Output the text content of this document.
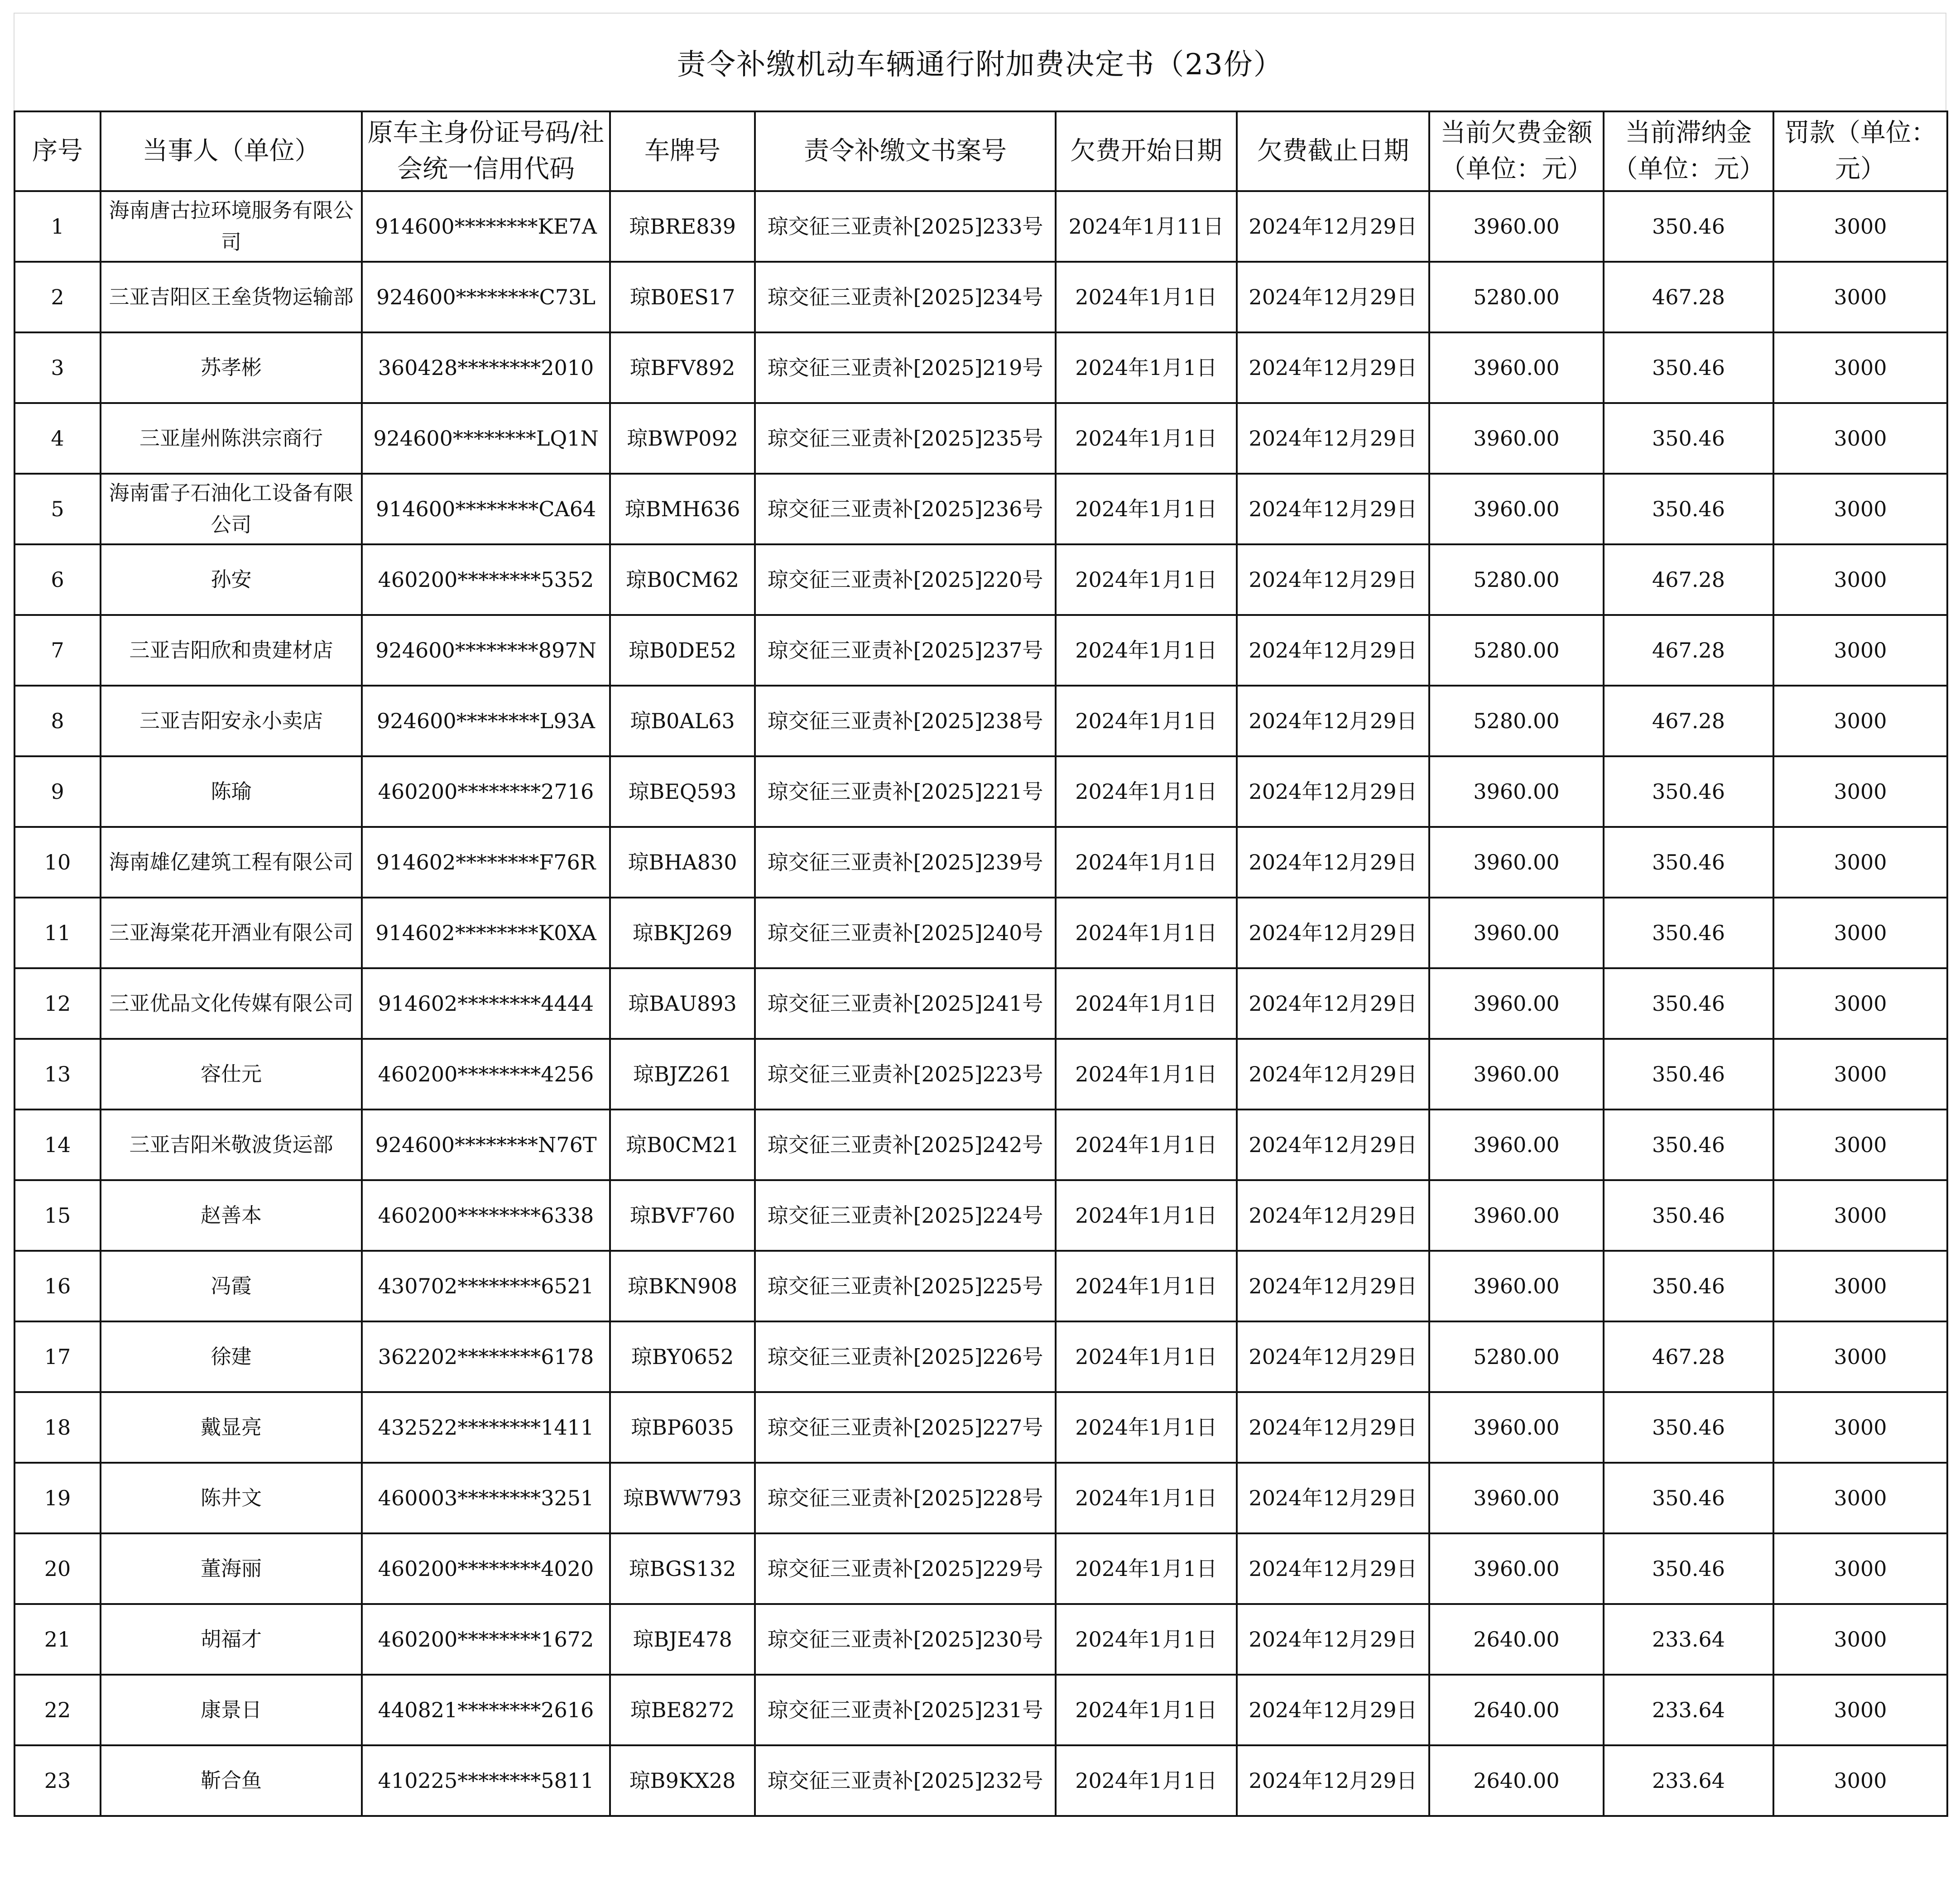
责令补缴机动车辆通行附加费决定书（23份）
序号	当事人（单位）	原车主身份证号码/社会统一信用代码	车牌号	责令补缴文书案号	欠费开始日期	欠费截止日期	当前欠费金额（单位：元）	当前滞纳金（单位：元）	罚款（单位：元）
1	海南唐古拉环境服务有限公司	914600********KE7A	琼BRE839	琼交征三亚责补[2025]233号	2024年1月11日	2024年12月29日	3960.00	350.46	3000
2	三亚吉阳区王垒货物运输部	924600********C73L	琼B0ES17	琼交征三亚责补[2025]234号	2024年1月1日	2024年12月29日	5280.00	467.28	3000
3	苏孝彬	360428********2010	琼BFV892	琼交征三亚责补[2025]219号	2024年1月1日	2024年12月29日	3960.00	350.46	3000
4	三亚崖州陈洪宗商行	924600********LQ1N	琼BWP092	琼交征三亚责补[2025]235号	2024年1月1日	2024年12月29日	3960.00	350.46	3000
5	海南雷子石油化工设备有限公司	914600********CA64	琼BMH636	琼交征三亚责补[2025]236号	2024年1月1日	2024年12月29日	3960.00	350.46	3000
6	孙安	460200********5352	琼B0CM62	琼交征三亚责补[2025]220号	2024年1月1日	2024年12月29日	5280.00	467.28	3000
7	三亚吉阳欣和贵建材店	924600********897N	琼B0DE52	琼交征三亚责补[2025]237号	2024年1月1日	2024年12月29日	5280.00	467.28	3000
8	三亚吉阳安永小卖店	924600********L93A	琼B0AL63	琼交征三亚责补[2025]238号	2024年1月1日	2024年12月29日	5280.00	467.28	3000
9	陈瑜	460200********2716	琼BEQ593	琼交征三亚责补[2025]221号	2024年1月1日	2024年12月29日	3960.00	350.46	3000
10	海南雄亿建筑工程有限公司	914602********F76R	琼BHA830	琼交征三亚责补[2025]239号	2024年1月1日	2024年12月29日	3960.00	350.46	3000
11	三亚海棠花开酒业有限公司	914602********K0XA	琼BKJ269	琼交征三亚责补[2025]240号	2024年1月1日	2024年12月29日	3960.00	350.46	3000
12	三亚优品文化传媒有限公司	914602********4444	琼BAU893	琼交征三亚责补[2025]241号	2024年1月1日	2024年12月29日	3960.00	350.46	3000
13	容仕元	460200********4256	琼BJZ261	琼交征三亚责补[2025]223号	2024年1月1日	2024年12月29日	3960.00	350.46	3000
14	三亚吉阳米敬波货运部	924600********N76T	琼B0CM21	琼交征三亚责补[2025]242号	2024年1月1日	2024年12月29日	3960.00	350.46	3000
15	赵善本	460200********6338	琼BVF760	琼交征三亚责补[2025]224号	2024年1月1日	2024年12月29日	3960.00	350.46	3000
16	冯霞	430702********6521	琼BKN908	琼交征三亚责补[2025]225号	2024年1月1日	2024年12月29日	3960.00	350.46	3000
17	徐建	362202********6178	琼BY0652	琼交征三亚责补[2025]226号	2024年1月1日	2024年12月29日	5280.00	467.28	3000
18	戴显亮	432522********1411	琼BP6035	琼交征三亚责补[2025]227号	2024年1月1日	2024年12月29日	3960.00	350.46	3000
19	陈井文	460003********3251	琼BWW793	琼交征三亚责补[2025]228号	2024年1月1日	2024年12月29日	3960.00	350.46	3000
20	董海丽	460200********4020	琼BGS132	琼交征三亚责补[2025]229号	2024年1月1日	2024年12月29日	3960.00	350.46	3000
21	胡福才	460200********1672	琼BJE478	琼交征三亚责补[2025]230号	2024年1月1日	2024年12月29日	2640.00	233.64	3000
22	康景日	440821********2616	琼BE8272	琼交征三亚责补[2025]231号	2024年1月1日	2024年12月29日	2640.00	233.64	3000
23	靳合鱼	410225********5811	琼B9KX28	琼交征三亚责补[2025]232号	2024年1月1日	2024年12月29日	2640.00	233.64	3000
